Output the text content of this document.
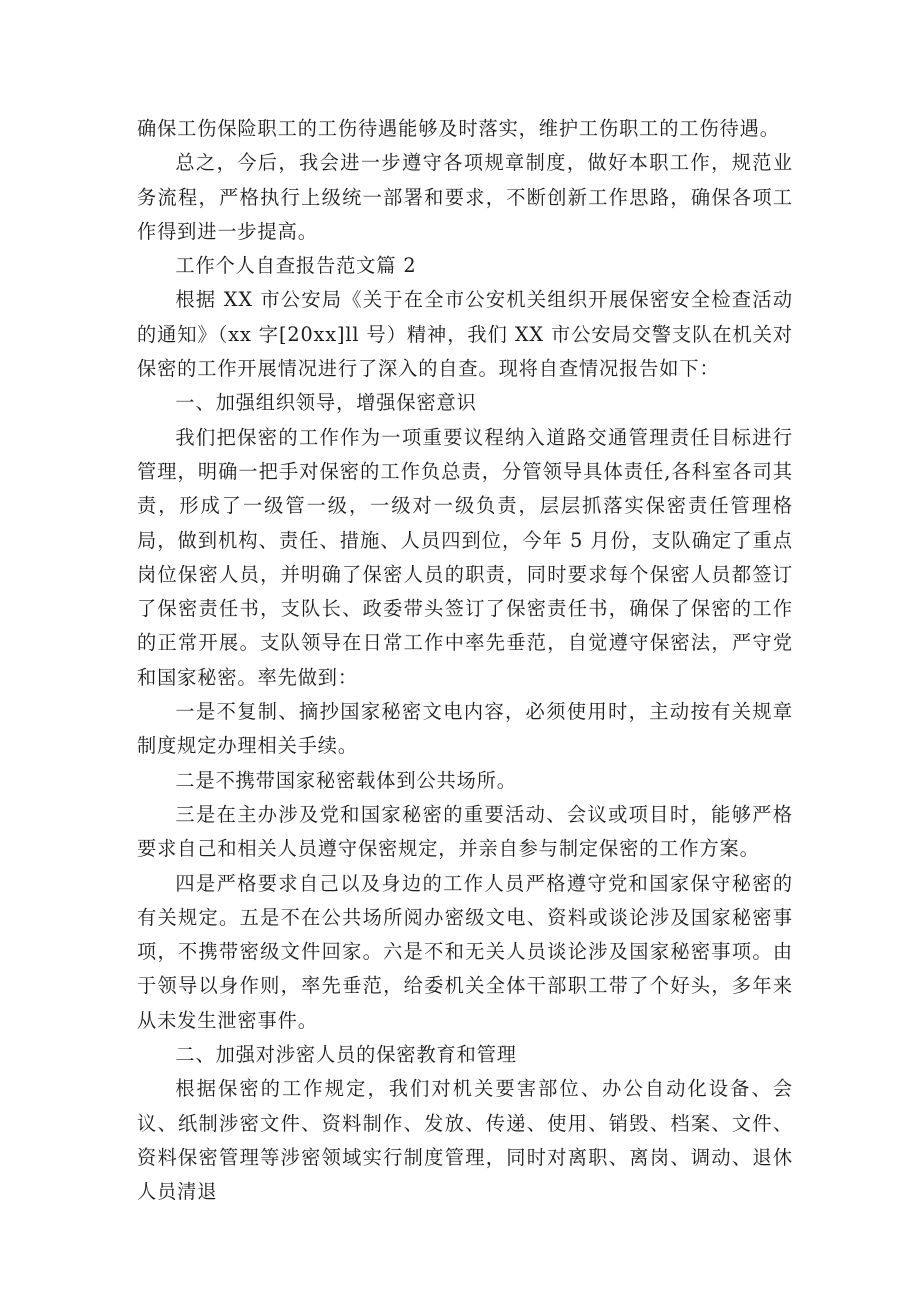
确保工伤保险职工的工伤待遇能够及时落实，维护工伤职工的工伤待遇。

总之，今后，我会进一步遵守各项规章制度，做好本职工作，规范业务流程，严格执行上级统一部署和要求，不断创新工作思路，确保各项工作得到进一步提高。

工作个人自查报告范文篇 2

根据 XX 市公安局《关于在全市公安机关组织开展保密安全检查活动的通知》（xx 字[20xx]ll 号）精神，我们 XX 市公安局交警支队在机关对保密的工作开展情况进行了深入的自查。现将自查情况报告如下：

一、加强组织领导，增强保密意识

我们把保密的工作作为一项重要议程纳入道路交通管理责任目标进行管理，明确一把手对保密的工作负总责，分管领导具体责任,各科室各司其责，形成了一级管一级，一级对一级负责，层层抓落实保密责任管理格局，做到机构、责任、措施、人员四到位，今年 5 月份，支队确定了重点岗位保密人员，并明确了保密人员的职责，同时要求每个保密人员都签订了保密责任书，支队长、政委带头签订了保密责任书，确保了保密的工作的正常开展。支队领导在日常工作中率先垂范，自觉遵守保密法，严守党和国家秘密。率先做到：

一是不复制、摘抄国家秘密文电内容，必须使用时，主动按有关规章制度规定办理相关手续。

二是不携带国家秘密载体到公共场所。

三是在主办涉及党和国家秘密的重要活动、会议或项目时，能够严格要求自己和相关人员遵守保密规定，并亲自参与制定保密的工作方案。

四是严格要求自己以及身边的工作人员严格遵守党和国家保守秘密的有关规定。五是不在公共场所阅办密级文电、资料或谈论涉及国家秘密事项，不携带密级文件回家。六是不和无关人员谈论涉及国家秘密事项。由于领导以身作则，率先垂范，给委机关全体干部职工带了个好头，多年来从未发生泄密事件。

二、加强对涉密人员的保密教育和管理

根据保密的工作规定，我们对机关要害部位、办公自动化设备、会议、纸制涉密文件、资料制作、发放、传递、使用、销毁、档案、文件、资料保密管理等涉密领域实行制度管理，同时对离职、离岗、调动、退休人员清退
